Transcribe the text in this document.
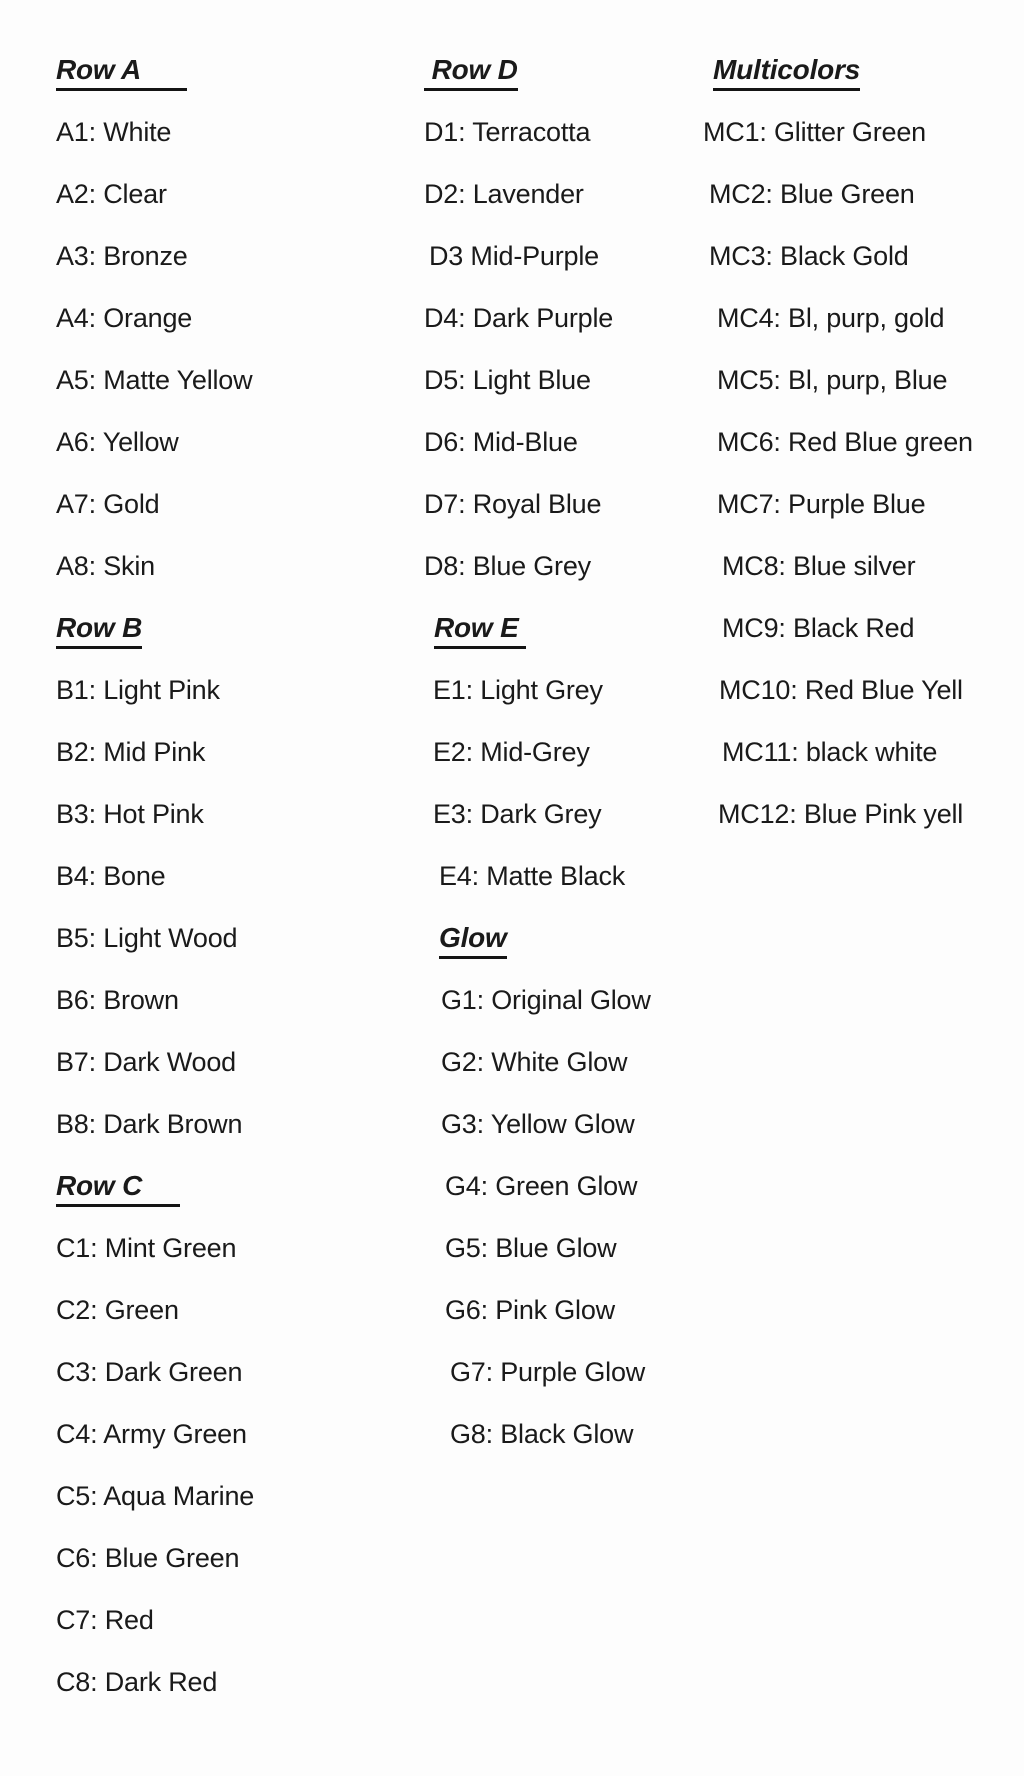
Row A
A1: White
A2: Clear
A3: Bronze
A4: Orange
A5: Matte Yellow
A6: Yellow
A7: Gold
A8: Skin
Row B
B1: Light Pink
B2: Mid Pink
B3: Hot Pink
B4: Bone
B5: Light Wood
B6: Brown
B7: Dark Wood
B8: Dark Brown
Row C
C1: Mint Green
C2: Green
C3: Dark Green
C4: Army Green
C5: Aqua Marine
C6: Blue Green
C7: Red
C8: Dark Red
Row D
D1: Terracotta
D2: Lavender
D3 Mid-Purple
D4: Dark Purple
D5: Light Blue
D6: Mid-Blue
D7: Royal Blue
D8: Blue Grey
Row E
E1: Light Grey
E2: Mid-Grey
E3: Dark Grey
E4: Matte Black
Glow
G1: Original Glow
G2: White Glow
G3: Yellow Glow
G4: Green Glow
G5: Blue Glow
G6: Pink Glow
G7: Purple Glow
G8: Black Glow
Multicolors
MC1: Glitter Green
MC2: Blue Green
MC3: Black Gold
MC4: Bl, purp, gold
MC5: Bl, purp, Blue
MC6: Red Blue green
MC7: Purple Blue
MC8: Blue silver
MC9: Black Red
MC10: Red Blue Yell
MC11: black white
MC12: Blue Pink yell
